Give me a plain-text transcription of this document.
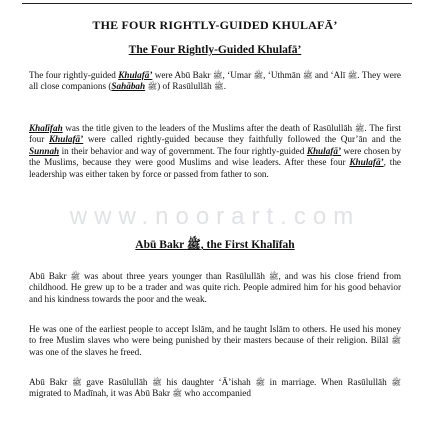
THE FOUR RIGHTLY-GUIDED KHULAFĀ’
The Four Rightly-Guided Khulafā’

The four rightly-guided Khulafā’ were Abū Bakr ﷺ, ‘Umar ﷺ, ‘Uthmān ﷺ and ‘Alī ﷺ. They were all close companions (Ṣaḥābah ﷺ) of Rasūlullāh ﷺ.

Khalīfah was the title given to the leaders of the Muslims after the death of Rasūlullāh ﷺ. The first four Khulafā’ were called rightly-guided because they faithfully followed the Qur’ān and the Sunnah in their behavior and way of government. The four rightly-guided Khulafā’ were chosen by the Muslims, because they were good Muslims and wise leaders. After these four Khulafā’, the leadership was either taken by force or passed from father to son.

www.noorart.com
Abū Bakr ﷺ, the First Khalīfah

Abū Bakr ﷺ was about three years younger than Rasūlullāh ﷺ, and was his close friend from childhood. He grew up to be a trader and was quite rich. People admired him for his good behavior and his kindness towards the poor and the weak.

He was one of the earliest people to accept Islām, and he taught Islām to others. He used his money to free Muslim slaves who were being punished by their masters because of their religion. Bilāl ﷺ was one of the slaves he freed.

Abū Bakr ﷺ gave Rasūlullāh ﷺ his daughter ‘Ā’ishah ﷺ in marriage. When Rasūlullāh ﷺ migrated to Madīnah, it was Abū Bakr ﷺ who accompanied
